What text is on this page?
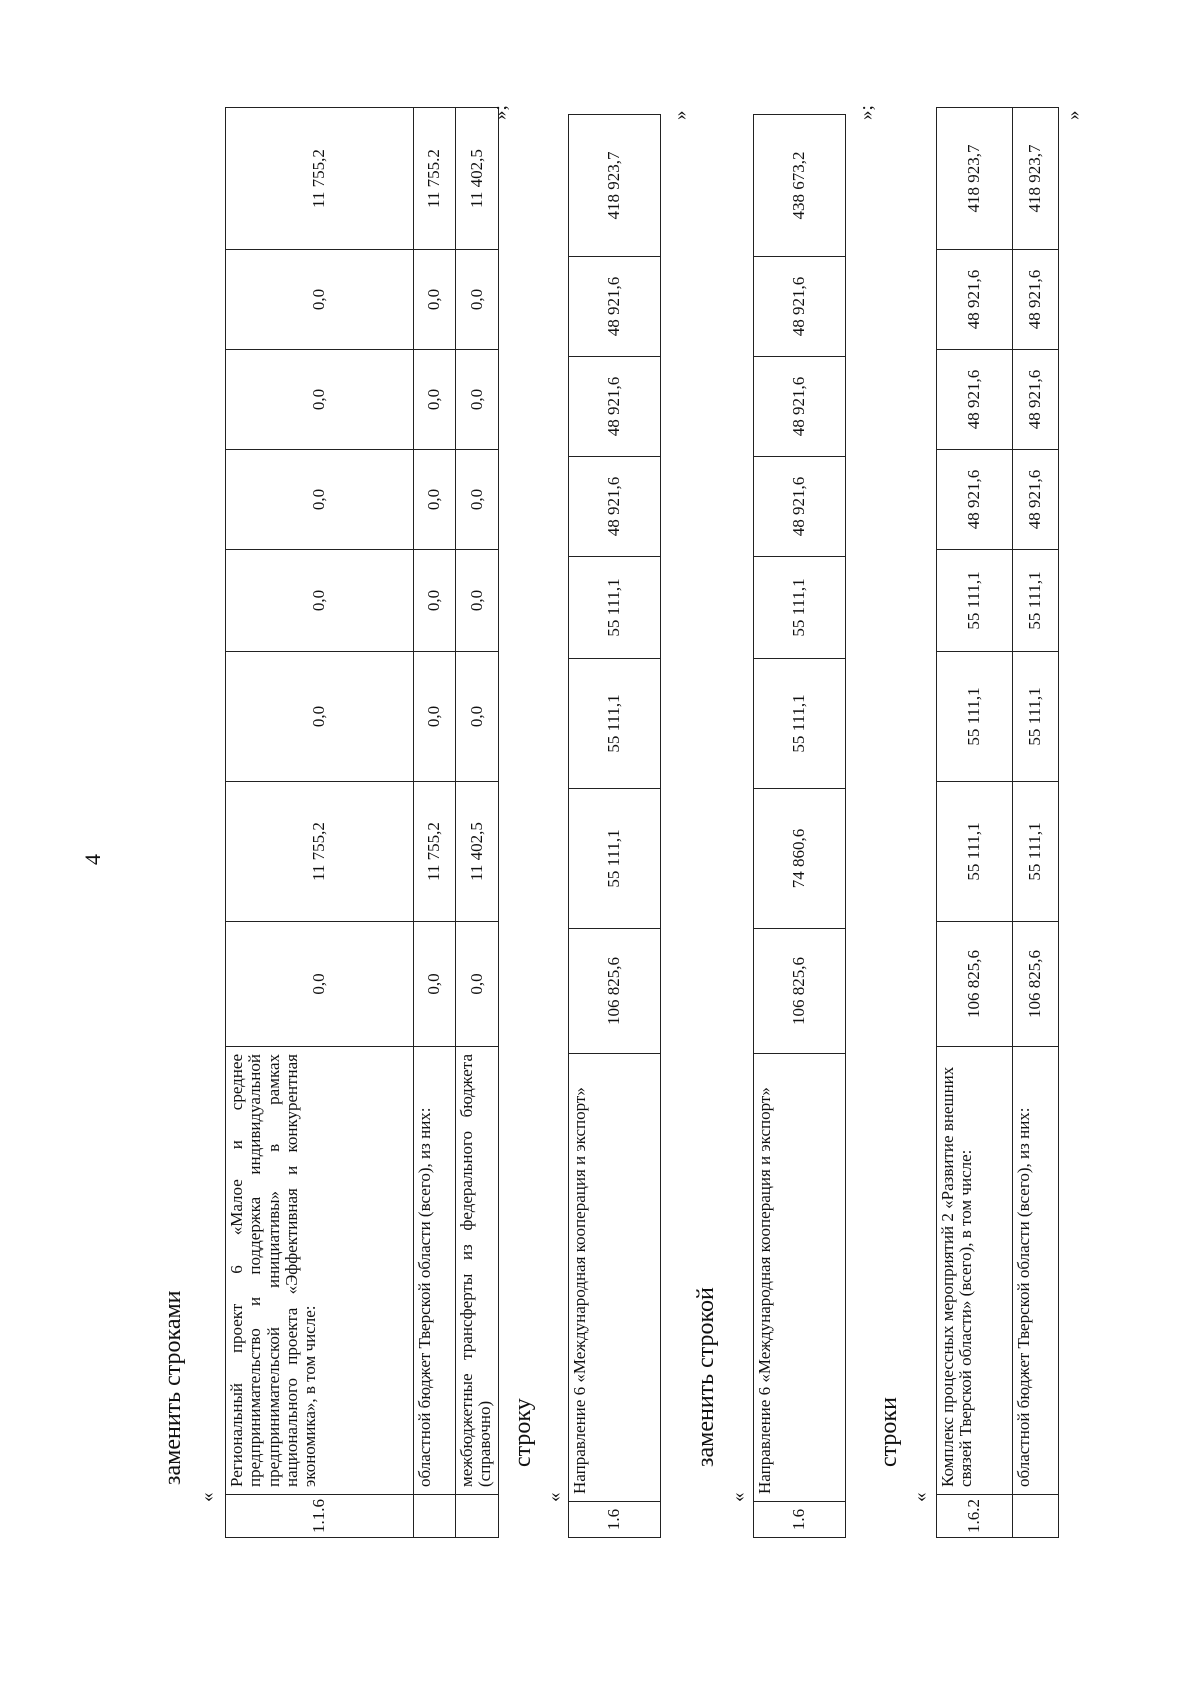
4
заменить строками
«
1.1.6	Региональный проект 6 «Малое и среднее предпринимательство и поддержка индивидуальной предпринимательской инициативы» в рамках национального проекта «Эффективная и конкурентная экономика», в том числе:	0,0	11 755,2	0,0	0,0	0,0	0,0	0,0	11 755,2
	областной бюджет Тверской области (всего), из них:	0,0	11 755,2	0,0	0,0	0,0	0,0	0,0	11 755.2
	межбюджетные трансферты из федерального бюджета (справочно)	0,0	11 402,5	0,0	0,0	0,0	0,0	0,0	11 402,5
»;
строку
«
1.6	Направление 6 «Международная кооперация и экспорт»	106 825,6	55 111,1	55 111,1	55 111,1	48 921,6	48 921,6	48 921,6	418 923,7
»
заменить строкой
«
1.6	Направление 6 «Международная кооперация и экспорт»	106 825,6	74 860,6	55 111,1	55 111,1	48 921,6	48 921,6	48 921,6	438 673,2
»;
строки
«
1.6.2	Комплекс процессных мероприятий 2 «Развитие внешних связей Тверской области» (всего), в том числе:	106 825,6	55 111,1	55 111,1	55 111,1	48 921,6	48 921,6	48 921,6	418 923,7
	областной бюджет Тверской области (всего), из них:	106 825,6	55 111,1	55 111,1	55 111,1	48 921,6	48 921,6	48 921,6	418 923,7
»
